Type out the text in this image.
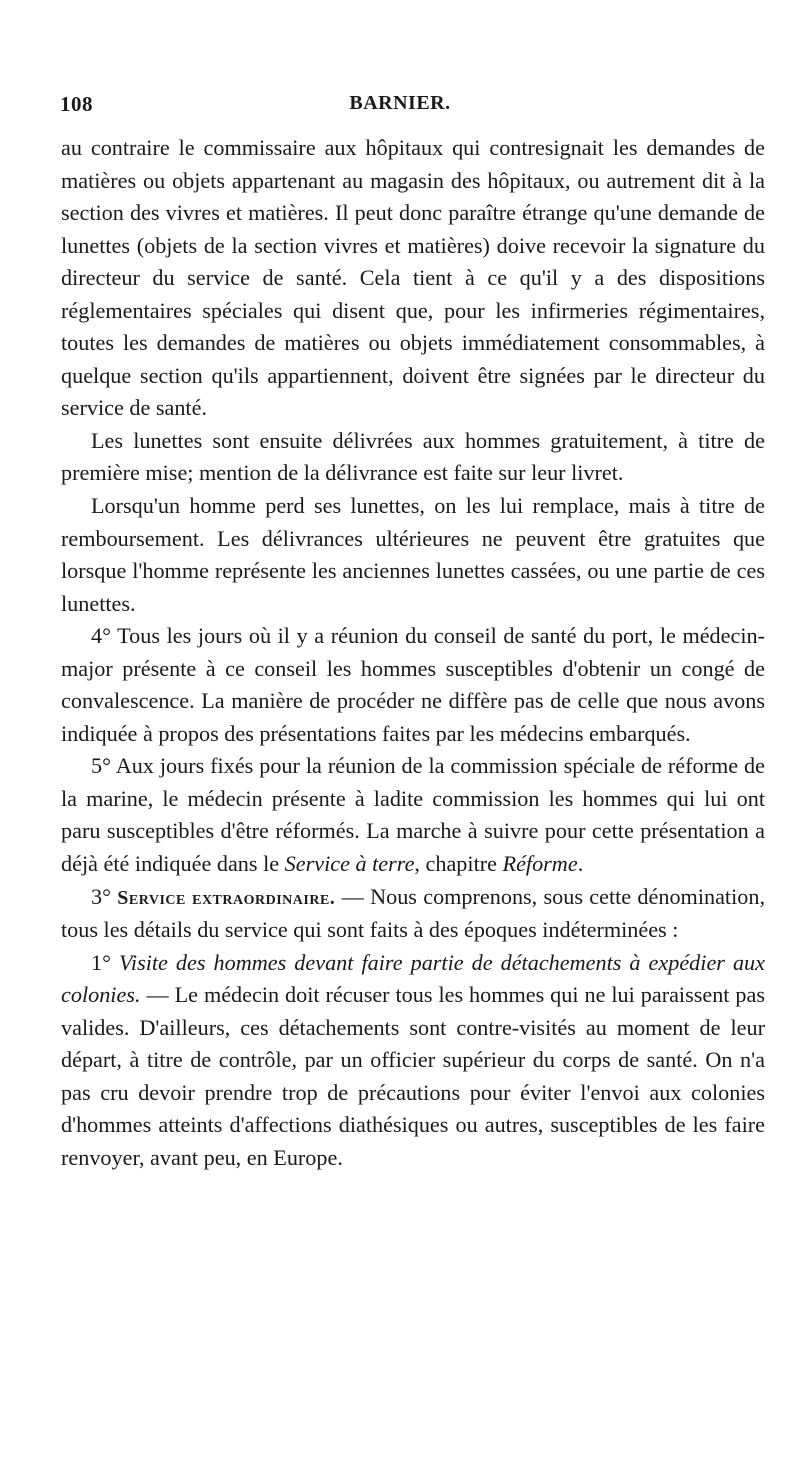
108	BARNIER.

au contraire le commissaire aux hôpitaux qui contresignait les demandes de matières ou objets appartenant au magasin des hôpitaux, ou autrement dit à la section des vivres et matières. Il peut donc paraître étrange qu'une demande de lunettes (objets de la section vivres et matières) doive recevoir la signature du directeur du service de santé. Cela tient à ce qu'il y a des dispositions réglementaires spéciales qui disent que, pour les infirmeries régimentaires, toutes les demandes de matières ou objets immédiatement consommables, à quelque section qu'ils appartiennent, doivent être signées par le directeur du service de santé.

Les lunettes sont ensuite délivrées aux hommes gratuitement, à titre de première mise; mention de la délivrance est faite sur leur livret.

Lorsqu'un homme perd ses lunettes, on les lui remplace, mais à titre de remboursement. Les délivrances ultérieures ne peuvent être gratuites que lorsque l'homme représente les anciennes lunettes cassées, ou une partie de ces lunettes.

4° Tous les jours où il y a réunion du conseil de santé du port, le médecin-major présente à ce conseil les hommes susceptibles d'obtenir un congé de convalescence. La manière de procéder ne diffère pas de celle que nous avons indiquée à propos des présentations faites par les médecins embarqués.

5° Aux jours fixés pour la réunion de la commission spéciale de réforme de la marine, le médecin présente à ladite commission les hommes qui lui ont paru susceptibles d'être réformés. La marche à suivre pour cette présentation a déjà été indiquée dans le Service à terre, chapitre Réforme.

3° Service extraordinaire. — Nous comprenons, sous cette dénomination, tous les détails du service qui sont faits à des époques indéterminées :

1° Visite des hommes devant faire partie de détachements à expédier aux colonies. — Le médecin doit récuser tous les hommes qui ne lui paraissent pas valides. D'ailleurs, ces détachements sont contre-visités au moment de leur départ, à titre de contrôle, par un officier supérieur du corps de santé. On n'a pas cru devoir prendre trop de précautions pour éviter l'envoi aux colonies d'hommes atteints d'affections diathésiques ou autres, susceptibles de les faire renvoyer, avant peu, en Europe.
